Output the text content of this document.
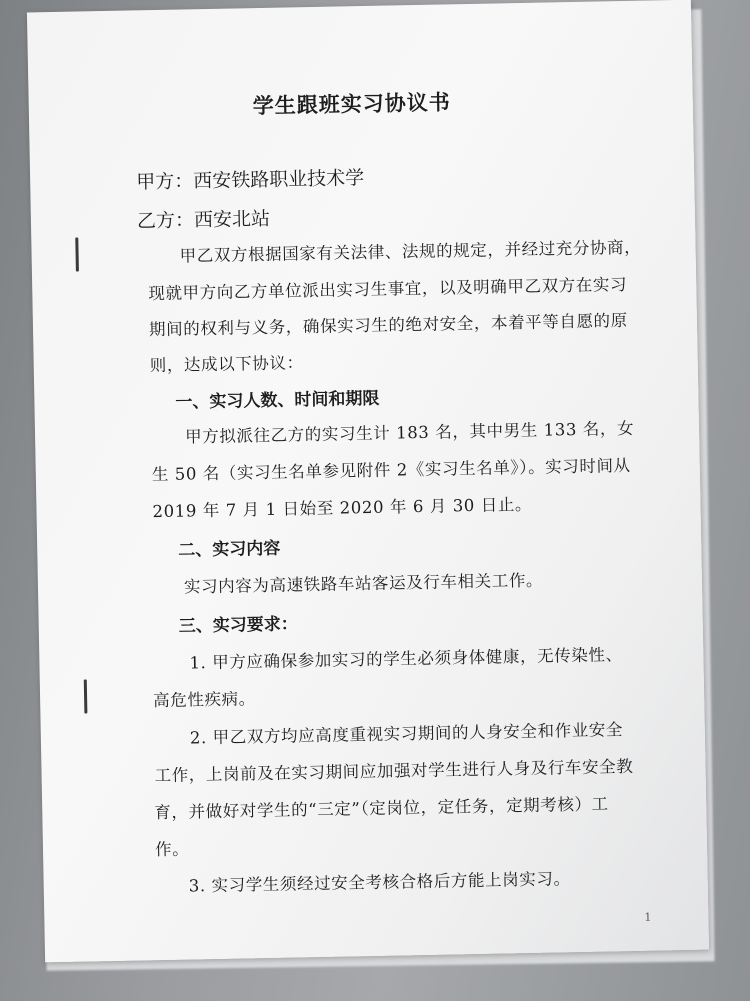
学生跟班实习协议书
甲方：西安铁路职业技术学
乙方：西安北站
甲乙双方根据国家有关法律、法规的规定，并经过充分协商，
现就甲方向乙方单位派出实习生事宜，以及明确甲乙双方在实习
期间的权利与义务，确保实习生的绝对安全，本着平等自愿的原
则，达成以下协议：
一、实习人数、时间和期限
甲方拟派往乙方的实习生计 183 名，其中男生 133 名，女
生 50 名（实习生名单参见附件 2《实习生名单》）。实习时间从
2019 年 7 月 1 日始至 2020 年 6 月 30 日止。
二、实习内容
实习内容为高速铁路车站客运及行车相关工作。
三、实习要求：
1. 甲方应确保参加实习的学生必须身体健康，无传染性、
高危性疾病。
2. 甲乙双方均应高度重视实习期间的人身安全和作业安全
工作，上岗前及在实习期间应加强对学生进行人身及行车安全教
育，并做好对学生的“三定”（定岗位，定任务，定期考核）工
作。
3. 实习学生须经过安全考核合格后方能上岗实习。
1
